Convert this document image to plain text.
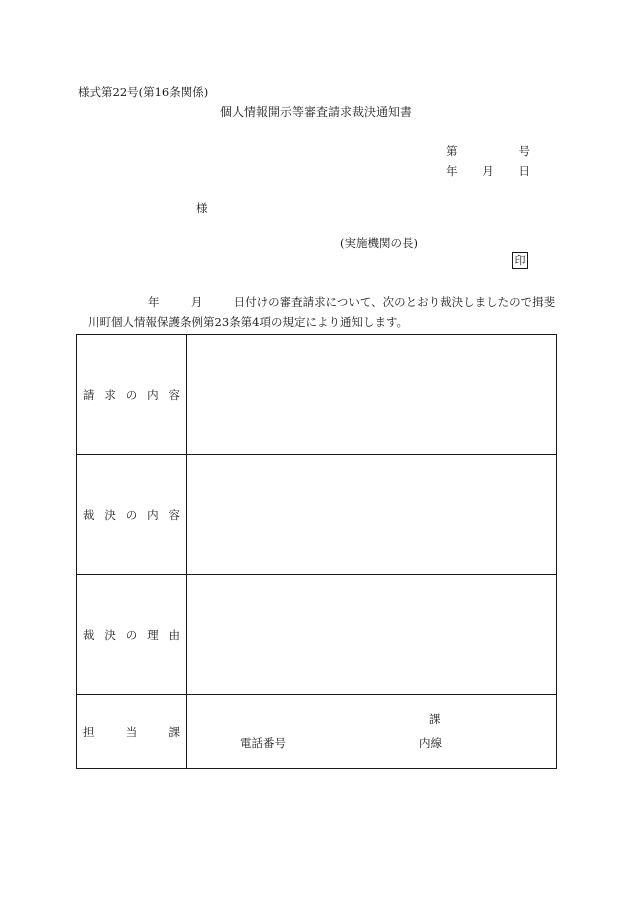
様式第22号(第16条関係)
個人情報開示等審査請求裁決通知書
第	号
年 月 日
様
(実施機関の長)
印
年	月	日付けの審査請求について、次のとおり裁決しましたので揖斐
川町個人情報保護条例第23条第4項の規定により通知します。
請 求 の 内 容	

裁 決 の 内 容	

裁 決 の 理 由	

担 当 課	課
電話番号 内線
